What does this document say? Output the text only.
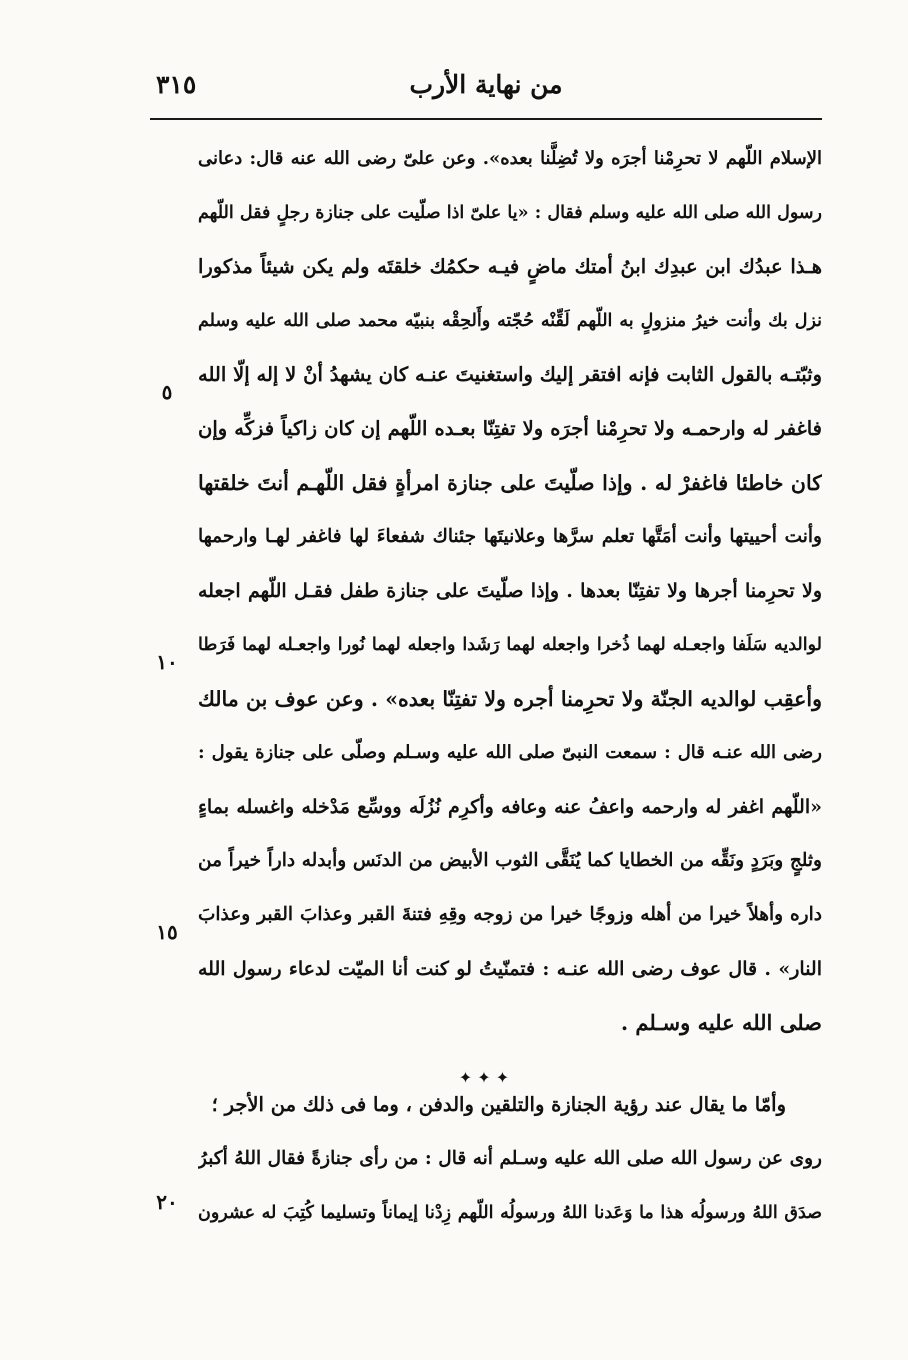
من نهاية الأرب
٣١٥
الإسلام اللّهم لا تحرِمْنا أجرَه ولا تُضِلَّنا بعده». وعن علىّ رضى الله عنه قال: دعانى
رسول الله صلى الله عليه وسلم فقال : «يا علىّ اذا صلّيت على جنازة رجلٍ فقل اللّهم
هـذا عبدُك ابن عبدِك ابنُ أمتك ماضٍ فيـه حكمُك خلقتَه ولم يكن شيئاً مذكورا
نزل بك وأنت خيرُ منزولٍ به اللّهم لَقِّنْه حُجّته وأَلحِقْه بنبيّه محمد صلى الله عليه وسلم
وثبّتـه بالقول الثابت فإنه افتقر إليك واستغنيتَ عنـه كان يشهدُ أنْ لا إله إلّا الله
فاغفر له وارحمـه ولا تحرِمْنا أجرَه ولا تفتِنّا بعـده اللّهم إن كان زاكياً فزكِّه وإن
كان خاطئا فاغفرْ له . وإذا صلّيتَ على جنازة امرأةٍ فقل اللّهـم أنتَ خلقتها
وأنت أحييتها وأنت أمَتَّها تعلم سرَّها وعلانيتَها جئناك شفعاءَ لها فاغفر لهـا وارحمها
ولا تحرِمنا أجرها ولا تفتِنّا بعدها . وإذا صلّيتَ على جنازة طفل فقـل اللّهم اجعله
لوالديه سَلَفا واجعـله لهما ذُخرا واجعله لهما رَشَدا واجعله لهما نُورا واجعـله لهما فَرَطا
وأعقِب لوالديه الجنّة ولا تحرِمنا أجره ولا تفتِنّا بعده» . وعن عوف بن مالك
رضى الله عنـه قال : سمعت النبىّ صلى الله عليه وسـلم وصلّى على جنازة يقول :
«اللّهم اغفر له وارحمه واعفُ عنه وعافه وأكرِم نُزُلَه ووسِّع مَدْخله واغسله بماءٍ
وثلجٍ وبَرَدٍ ونَقِّه من الخطايا كما يُنَقَّى الثوب الأبيض من الدنَس وأبدله داراً خيراً من
داره وأهلاً خيرا من أهله وزوجًا خيرا من زوجه وقِهِ فتنةَ القبر وعذابَ القبر وعذابَ
النار» . قال عوف رضى الله عنـه : فتمنّيتُ لو كنت أنا الميّت لدعاء رسول الله
صلى الله عليه وسـلم .
وأمّا ما يقال عند رؤية الجنازة والتلقين والدفن ، وما فى ذلك من الأجر ؛
روى عن رسول الله صلى الله عليه وسـلم أنه قال : من رأى جنازةً فقال اللهُ أكبرُ
صدَق اللهُ ورسولُه هذا ما وَعَدنا اللهُ ورسولُه اللّهم زِدْنا إيماناً وتسليما كُتِبَ له عشرون
✦ ✦ ✦
٥
١٠
١٥
٢٠
